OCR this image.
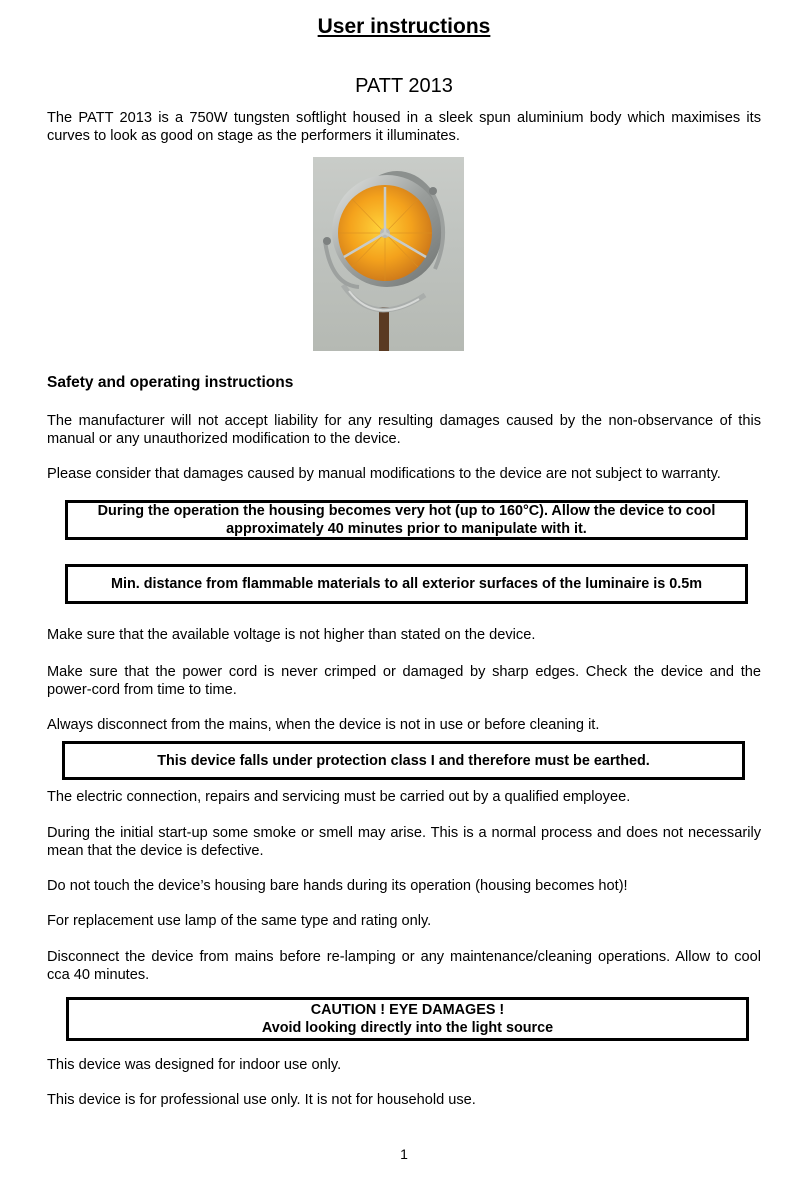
User instructions
PATT 2013

The PATT 2013 is a 750W tungsten softlight housed in a sleek spun aluminium body which maximises its curves to look as good on stage as the performers it illuminates.

Safety and operating instructions

The manufacturer will not accept liability for any resulting damages caused by the non-observance of this manual or any unauthorized modification to the device.

Please consider that damages caused by manual modifications to the device are not subject to warranty.

During the operation the housing becomes very hot (up to 160°C). Allow the device to cool
approximately 40 minutes prior to manipulate with it.
Min. distance from flammable materials to all exterior surfaces of the luminaire is 0.5m

Make sure that the available voltage is not higher than stated on the device.

Make sure that the power cord is never crimped or damaged by sharp edges. Check the device and the power-cord from time to time.

Always disconnect from the mains, when the device is not in use or before cleaning it.

This device falls under protection class I and therefore must be earthed.

The electric connection, repairs and servicing must be carried out by a qualified employee.

During the initial start-up some smoke or smell may arise. This is a normal process and does not necessarily mean that the device is defective.

Do not touch the device’s housing bare hands during its operation (housing becomes hot)!

For replacement use lamp of the same type and rating only.

Disconnect the device from mains before re-lamping or any maintenance/cleaning operations. Allow to cool cca 40 minutes.

CAUTION ! EYE DAMAGES !
Avoid looking directly into the light source

This device was designed for indoor use only.

This device is for professional use only. It is not for household use.

1
